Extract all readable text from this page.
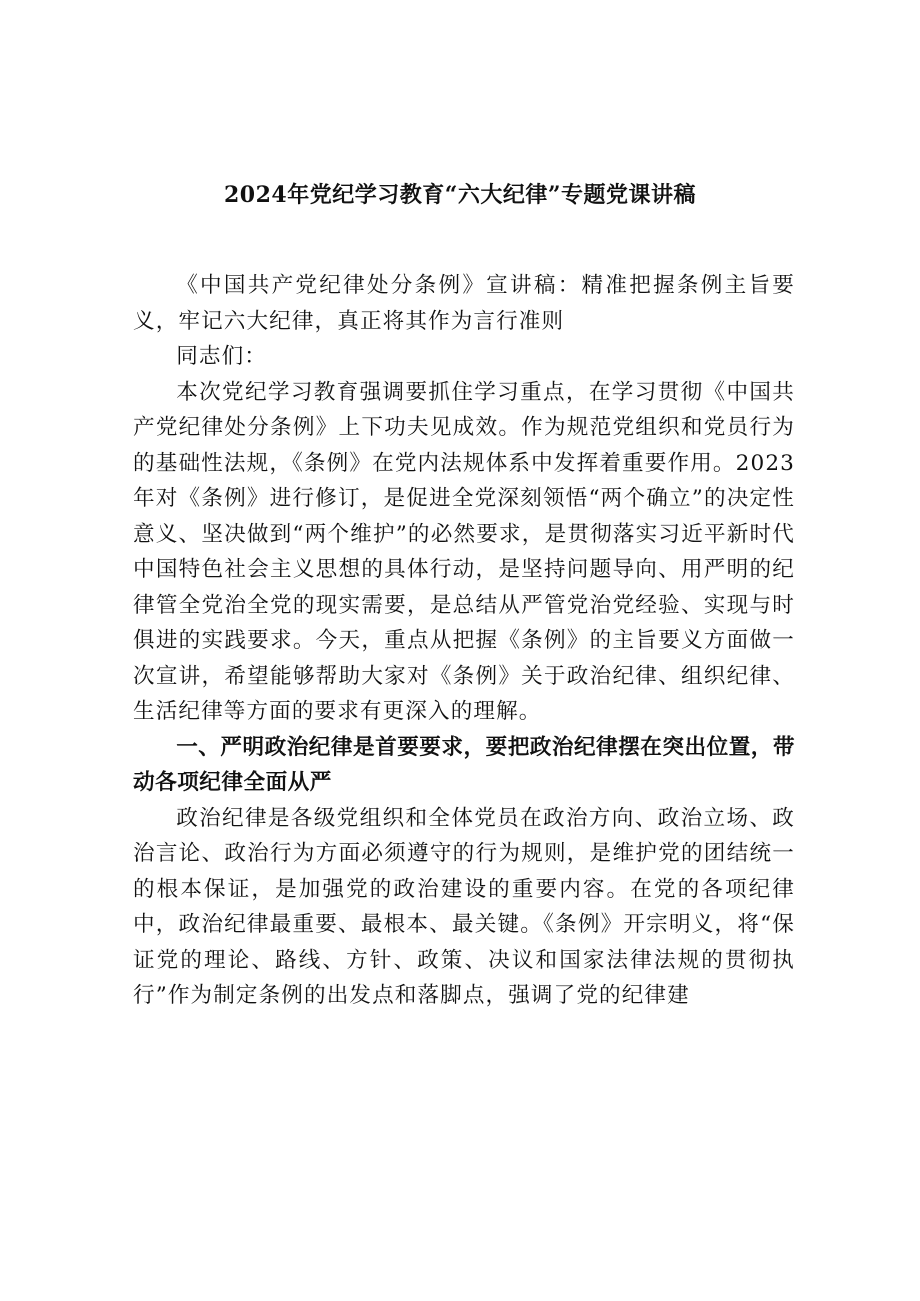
2024年党纪学习教育“六大纪律”专题党课讲稿

《中国共产党纪律处分条例》宣讲稿：精准把握条例主旨要义，牢记六大纪律，真正将其作为言行准则

同志们：

本次党纪学习教育强调要抓住学习重点，在学习贯彻《中国共产党纪律处分条例》上下功夫见成效。作为规范党组织和党员行为的基础性法规，《条例》在党内法规体系中发挥着重要作用。2023年对《条例》进行修订，是促进全党深刻领悟“两个确立”的决定性意义、坚决做到“两个维护”的必然要求，是贯彻落实习近平新时代中国特色社会主义思想的具体行动，是坚持问题导向、用严明的纪律管全党治全党的现实需要，是总结从严管党治党经验、实现与时俱进的实践要求。今天，重点从把握《条例》的主旨要义方面做一次宣讲，希望能够帮助大家对《条例》关于政治纪律、组织纪律、生活纪律等方面的要求有更深入的理解。

一、严明政治纪律是首要要求，要把政治纪律摆在突出位置，带动各项纪律全面从严

政治纪律是各级党组织和全体党员在政治方向、政治立场、政治言论、政治行为方面必须遵守的行为规则，是维护党的团结统一的根本保证，是加强党的政治建设的重要内容。在党的各项纪律中，政治纪律最重要、最根本、最关键。《条例》开宗明义，将“保证党的理论、路线、方针、政策、决议和国家法律法规的贯彻执行”作为制定条例的出发点和落脚点，强调了党的纪律建
